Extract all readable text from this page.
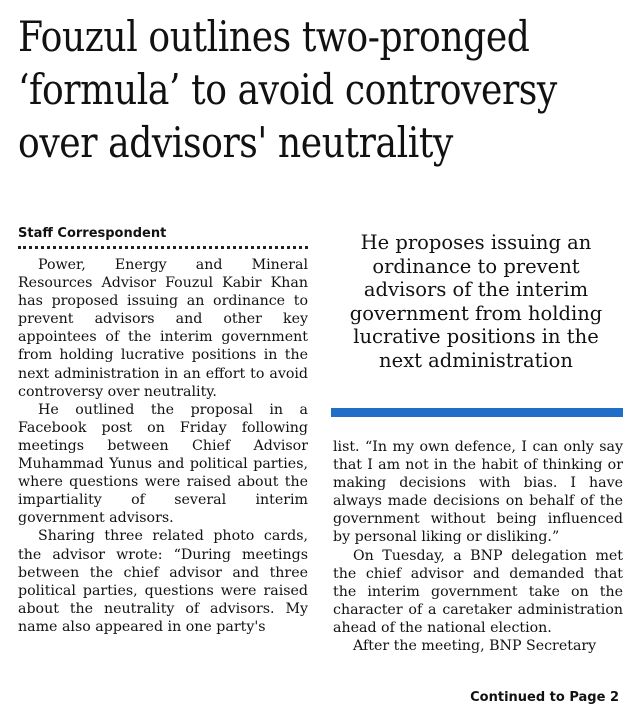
Fouzul outlines two-pronged
‘formula’ to avoid controversy
over advisors' neutrality
Staff Correspondent

Power, Energy and Mineral Resources Advisor Fouzul Kabir Khan has proposed issuing an ordinance to prevent advisors and other key appointees of the interim government from holding lucrative positions in the next administration in an effort to avoid controversy over neutrality.

He outlined the proposal in a Facebook post on Friday following meetings between Chief Advisor Muhammad Yunus and political parties, where questions were raised about the impartiality of several interim government advisors.

Sharing three related photo cards, the advisor wrote: “During meetings between the chief advisor and three political parties, questions were raised about the neutrality of advisors. My name also appeared in one party's

He proposes issuing an
ordinance to prevent
advisors of the interim
government from holding
lucrative positions in the
next administration

list. “In my own defence, I can only say that I am not in the habit of thinking or making decisions with bias. I have always made decisions on behalf of the government without being influenced by personal liking or disliking.”

On Tuesday, a BNP delegation met the chief advisor and demanded that the interim government take on the character of a caretaker administration ahead of the national election.

After the meeting, BNP Secretary

Continued to Page 2
